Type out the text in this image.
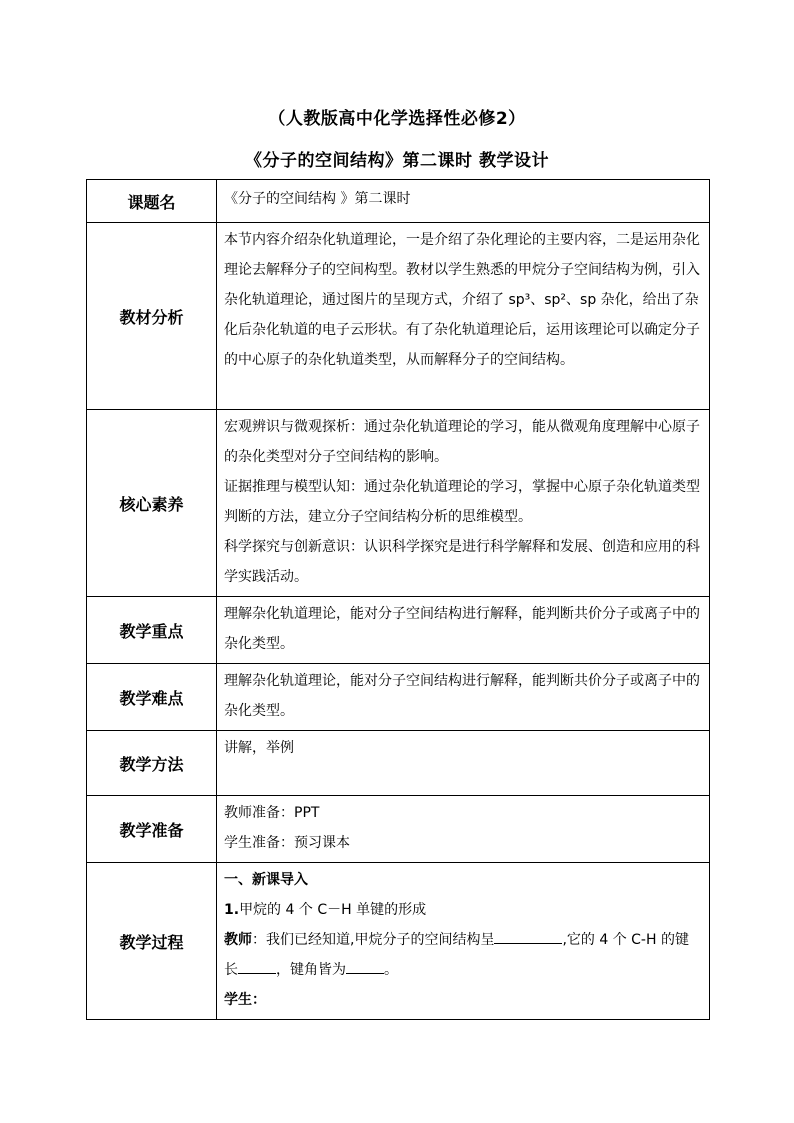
（人教版高中化学选择性必修2）
《分子的空间结构》第二课时 教学设计
课题名	《分子的空间结构 》第二课时

教材分析	本节内容介绍杂化轨道理论，一是介绍了杂化理论的主要内容，二是运用杂化理论去解释分子的空间构型。教材以学生熟悉的甲烷分子空间结构为例，引入杂化轨道理论，通过图片的呈现方式，介绍了 sp³、sp²、sp 杂化，给出了杂化后杂化轨道的电子云形状。有了杂化轨道理论后，运用该理论可以确定分子的中心原子的杂化轨道类型，从而解释分子的空间结构。

核心素养	宏观辨识与微观探析：通过杂化轨道理论的学习，能从微观角度理解中心原子的杂化类型对分子空间结构的影响。

证据推理与模型认知：通过杂化轨道理论的学习，掌握中心原子杂化轨道类型判断的方法，建立分子空间结构分析的思维模型。

科学探究与创新意识：认识科学探究是进行科学解释和发展、创造和应用的科学实践活动。

教学重点	理解杂化轨道理论，能对分子空间结构进行解释，能判断共价分子或离子中的杂化类型。

教学难点	理解杂化轨道理论，能对分子空间结构进行解释，能判断共价分子或离子中的杂化类型。

教学方法	讲解，举例

教学准备	教师准备：PPT

学生准备：预习课本

教学过程	一、新课导入

1.甲烷的 4 个 C－H 单键的形成

教师：我们已经知道,甲烷分子的空间结构呈 ,它的 4 个 C-H 的键长 ，键角皆为 。

学生：
